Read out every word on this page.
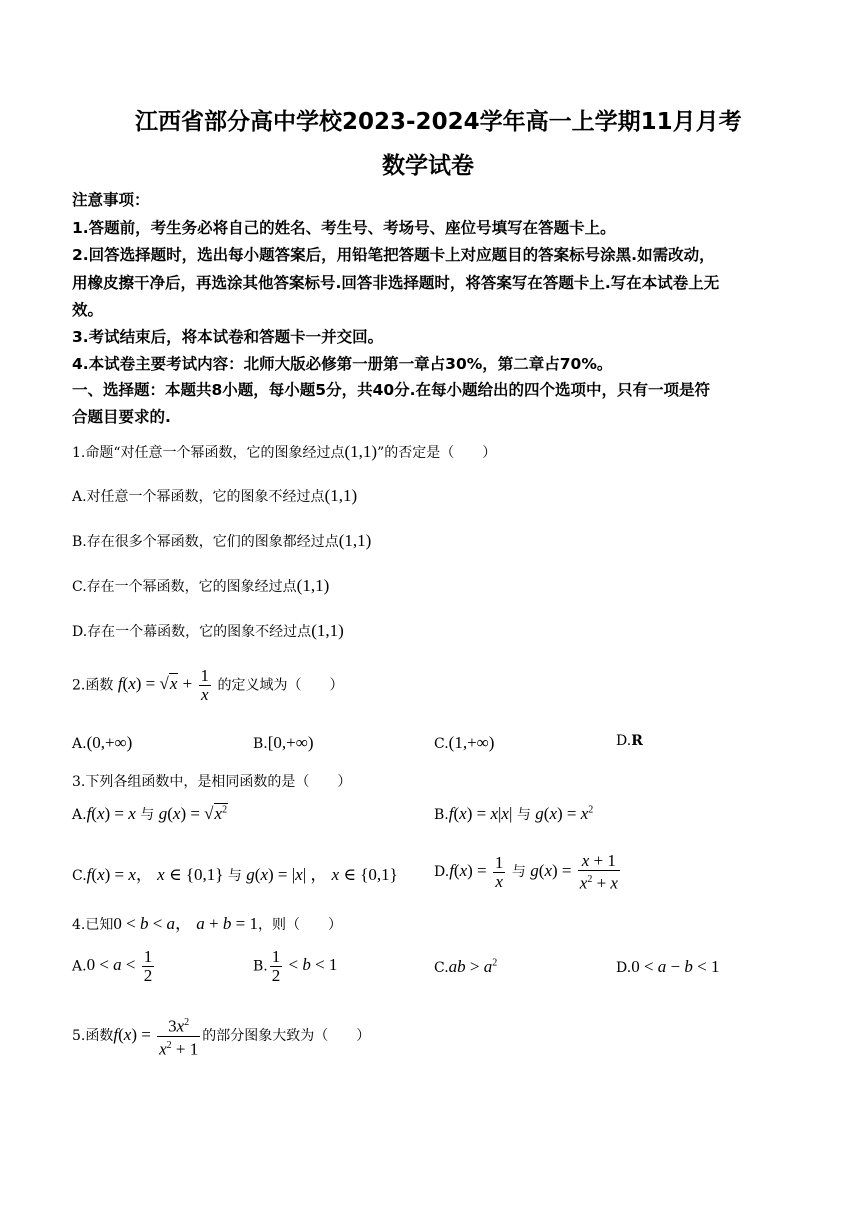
江西省部分高中学校2023-2024学年高一上学期11月月考
数学试卷
注意事项：
1.答题前，考生务必将自己的姓名、考生号、考场号、座位号填写在答题卡上。
2.回答选择题时，选出每小题答案后，用铅笔把答题卡上对应题目的答案标号涂黑.如需改动，
用橡皮擦干净后，再选涂其他答案标号.回答非选择题时，将答案写在答题卡上.写在本试卷上无
效。
3.考试结束后，将本试卷和答题卡一并交回。
4.本试卷主要考试内容：北师大版必修第一册第一章占30%，第二章占70%。
一、选择题：本题共8小题，每小题5分，共40分.在每小题给出的四个选项中，只有一项是符
合题目要求的.
1.命题“对任意一个幂函数，它的图象经过点(1,1)”的否定是（　　）
A.对任意一个幂函数，它的图象不经过点(1,1)
B.存在很多个幂函数，它们的图象都经过点(1,1)
C.存在一个幂函数，它的图象经过点(1,1)
D.存在一个幕函数，它的图象不经过点(1,1)
2.函数 $f(x) = √x + \frac{1}{x}$ 的定义域为（　　）
A.(0,+∞)	B.[0,+∞)	C.(1,+∞)	D.R
3.下列各组函数中，是相同函数的是（　　）
A.f(x) = x 与 $g(x) = √x^2$	B.f(x) = x|x| 与 $g(x) = x^2$
C.f(x) = x， x ∈ {0,1} 与 g(x) = |x| ， x ∈ {0,1}	$D.f(x) = \frac{1}{x}$ 与 $g(x) = \frac{x + 1}{x^2 + x}$
4.已知0 < b < a， a + b = 1，则（　　）
$A.0 < a < \frac{1}{2}$	B. $\frac{1}{2} < b < 1$	$C.ab > a^2$	D.0 < a − b < 1
5.函数$f(x) = \frac{3x^2}{x^2 + 1}$ 的部分图象大致为（　　）
